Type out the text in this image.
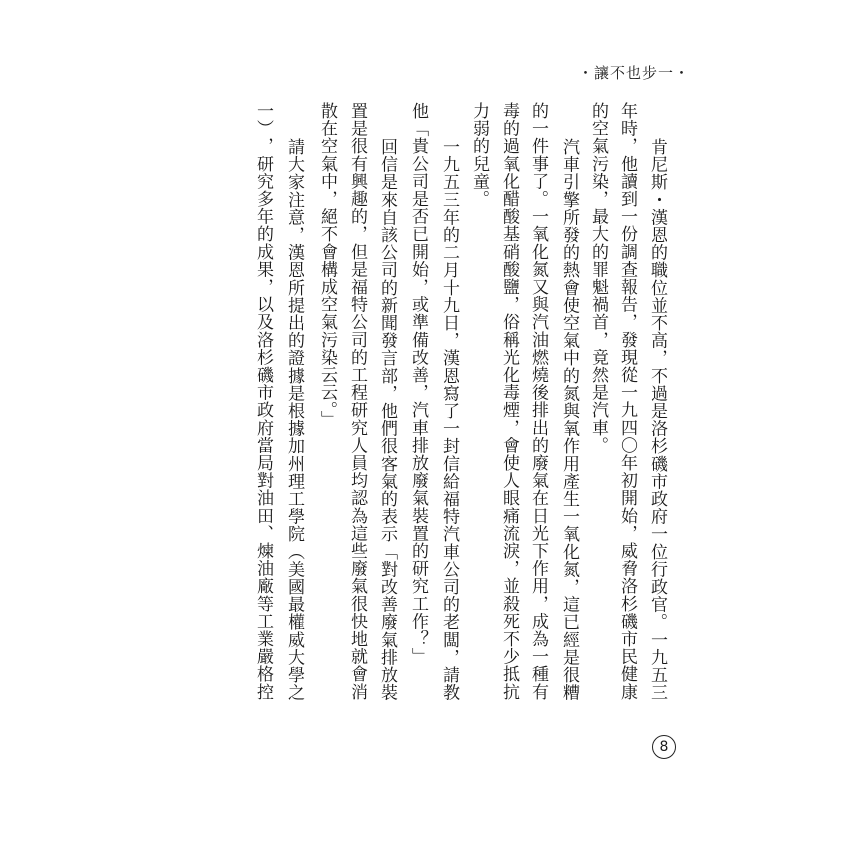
・讓不也步一・
肯尼斯・漢恩的職位並不高，不過是洛杉磯市政府一位行政官。一九五三
年時，他讀到一份調查報告，發現從一九四〇年初開始，威脅洛杉磯市民健康
的空氣污染，最大的罪魁禍首，竟然是汽車。
汽車引擎所發的熱會使空氣中的氮與氧作用產生一氧化氮，這已經是很糟
的一件事了。一氧化氮又與汽油燃燒後排出的廢氣在日光下作用，成為一種有
毒的過氧化醋酸基硝酸鹽，俗稱光化毒煙，會使人眼痛流淚，並殺死不少抵抗
力弱的兒童。
一九五三年的二月十九日，漢恩寫了一封信給福特汽車公司的老闆，請教
他「貴公司是否已開始，或準備改善，汽車排放廢氣裝置的研究工作？」
回信是來自該公司的新聞發言部，他們很客氣的表示「對改善廢氣排放裝
置是很有興趣的，但是福特公司的工程研究人員均認為這些廢氣很快地就會消
散在空氣中，絕不會構成空氣污染云云。」
請大家注意，漢恩所提出的證據是根據加州理工學院︵美國最權威大學之
一︶，研究多年的成果，以及洛杉磯市政府當局對油田、煉油廠等工業嚴格控
8
